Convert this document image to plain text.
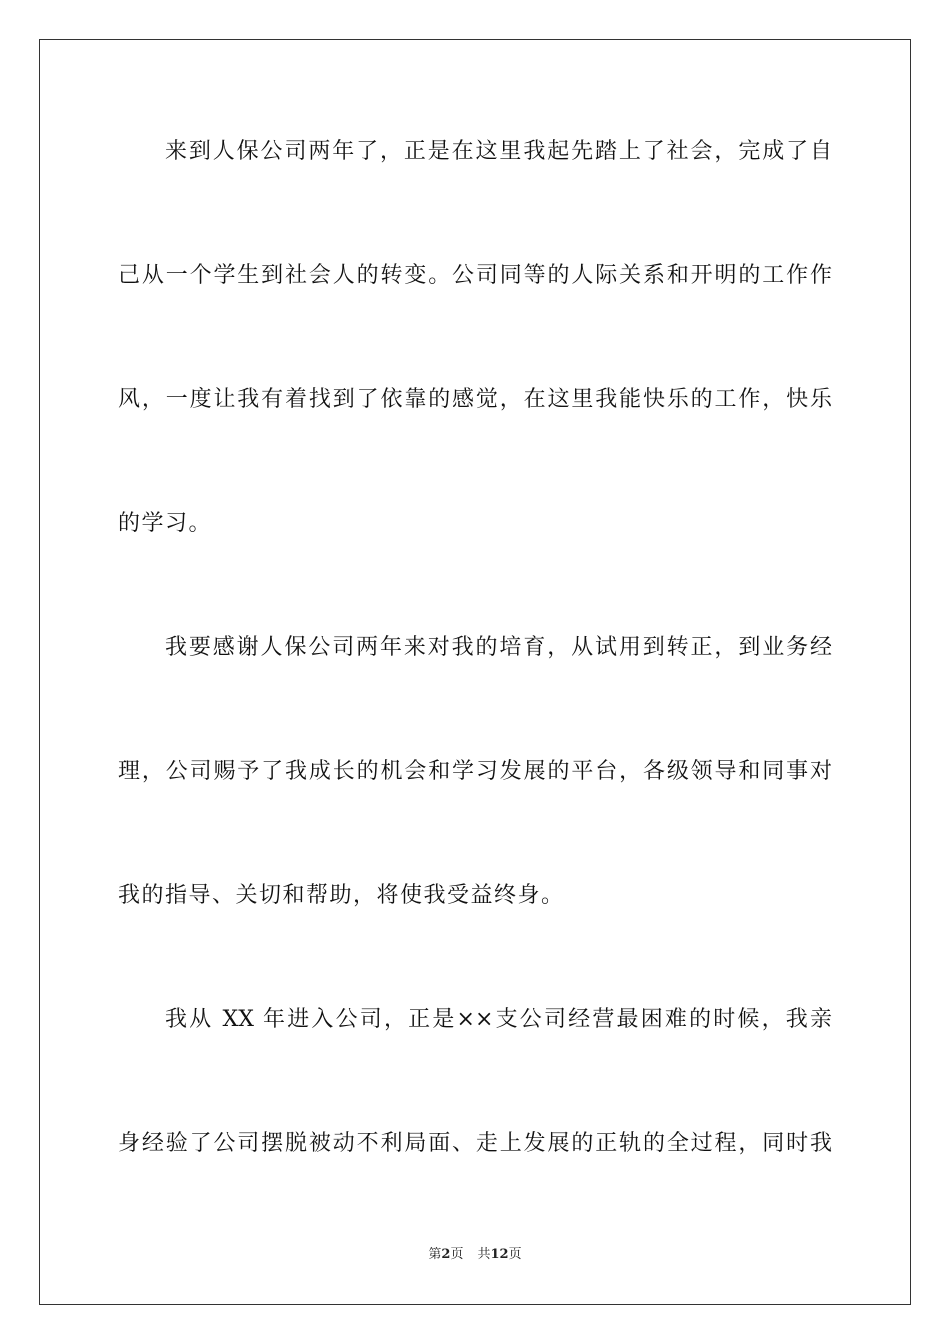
来到人保公司两年了，正是在这里我起先踏上了社会，完成了自
己从一个学生到社会人的转变。公司同等的人际关系和开明的工作作
风，一度让我有着找到了依靠的感觉，在这里我能快乐的工作，快乐
的学习。
我要感谢人保公司两年来对我的培育，从试用到转正，到业务经
理，公司赐予了我成长的机会和学习发展的平台，各级领导和同事对
我的指导、关切和帮助，将使我受益终身。
我从 XX 年进入公司，正是××支公司经营最困难的时候，我亲
身经验了公司摆脱被动不利局面、走上发展的正轨的全过程，同时我
第2页 共12页
